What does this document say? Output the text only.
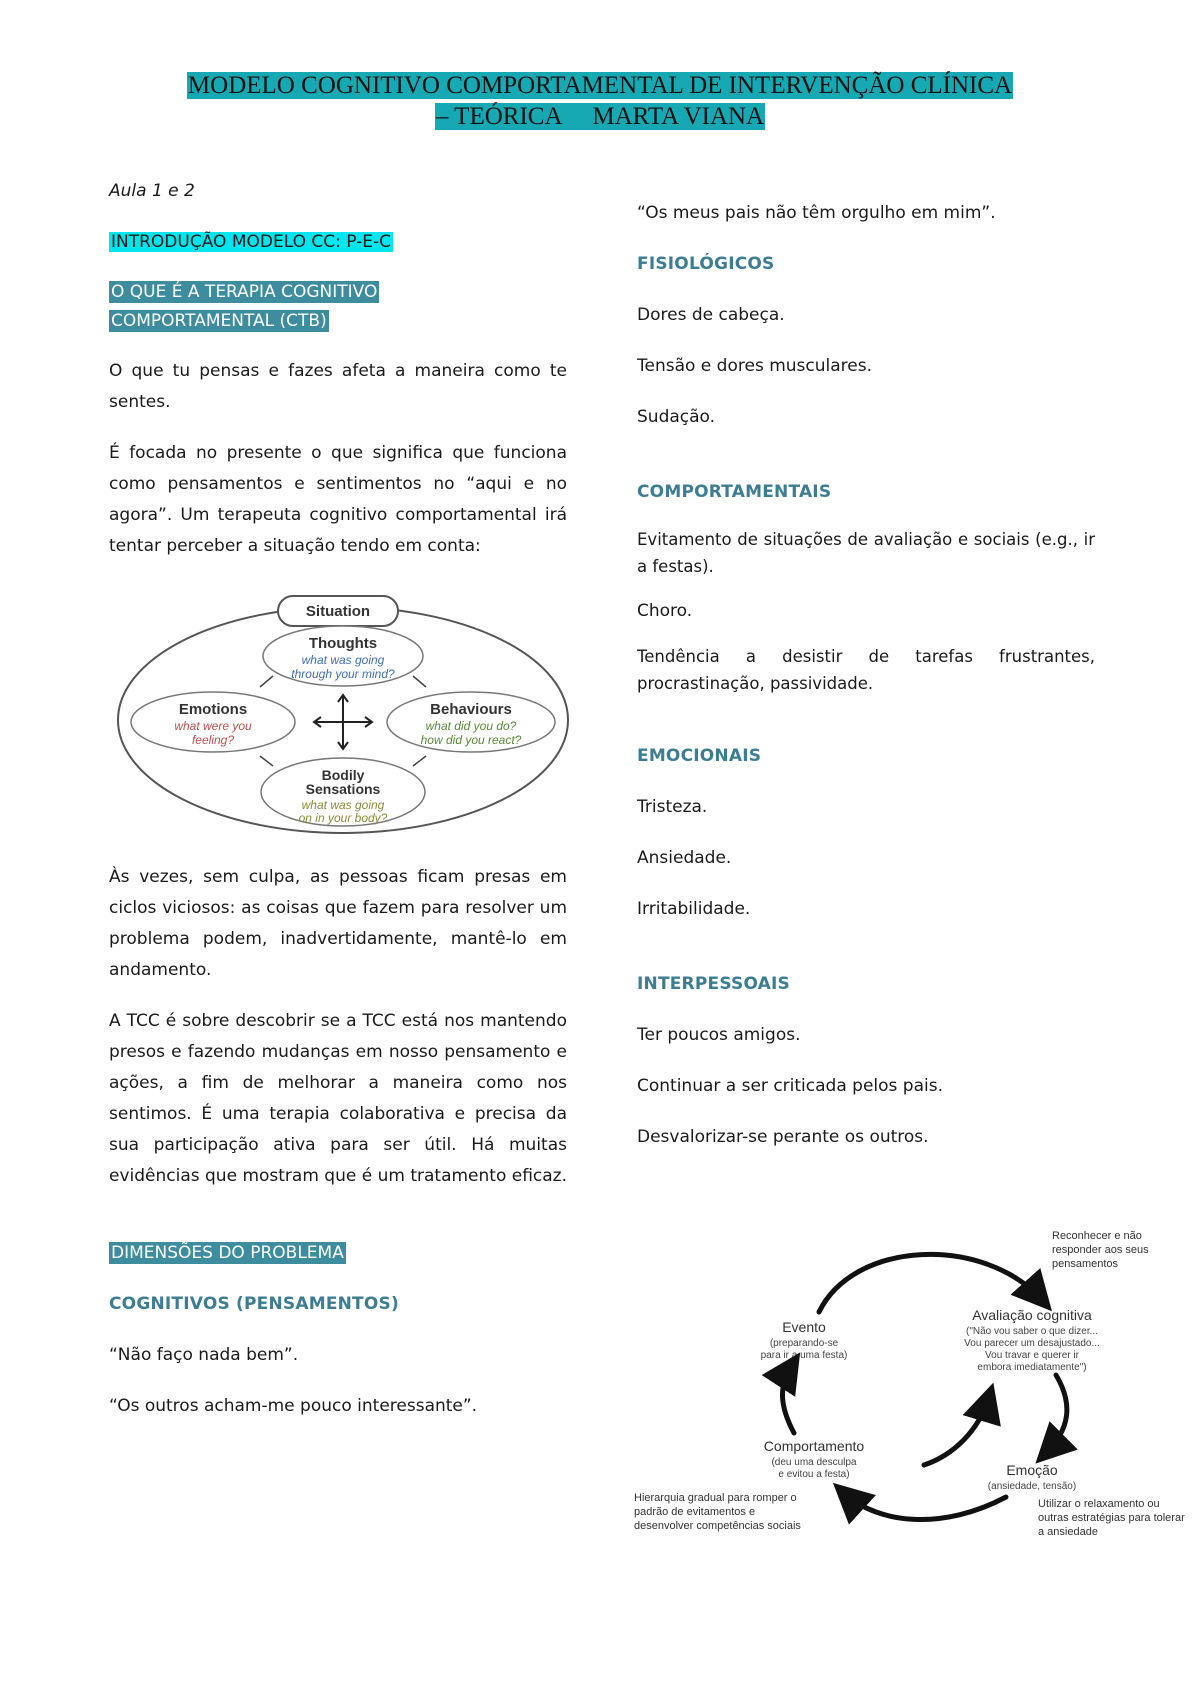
MODELO COGNITIVO COMPORTAMENTAL DE INTERVENÇÃO CLÍNICA
– TEÓRICA     MARTA VIANA

Aula 1 e 2

INTRODUÇÃO MODELO CC: P-E-C

O QUE É A TERAPIA COGNITIVO
COMPORTAMENTAL (CTB)

O que tu pensas e fazes afeta a maneira como te sentes.

É focada no presente o que significa que funciona como pensamentos e sentimentos no “aqui e no agora”. Um terapeuta cognitivo comportamental irá tentar perceber a situação tendo em conta:

Situation
Thoughts
what was going
through your mind?
Emotions
what were you
feeling?
Behaviours
what did you do?
how did you react?
Bodily
Sensations
what was going
on in your body?

Às vezes, sem culpa, as pessoas ficam presas em ciclos viciosos: as coisas que fazem para resolver um problema podem, inadvertidamente, mantê-lo em andamento.

A TCC é sobre descobrir se a TCC está nos mantendo presos e fazendo mudanças em nosso pensamento e ações, a fim de melhorar a maneira como nos sentimos. É uma terapia colaborativa e precisa da sua participação ativa para ser útil. Há muitas evidências que mostram que é um tratamento eficaz.

DIMENSÕES DO PROBLEMA

COGNITIVOS (PENSAMENTOS)

“Não faço nada bem”.

“Os outros acham-me pouco interessante”.

“Os meus pais não têm orgulho em mim”.

FISIOLÓGICOS

Dores de cabeça.

Tensão e dores musculares.

Sudação.

COMPORTAMENTAIS

Evitamento de situações de avaliação e sociais (e.g., ir a festas).

Choro.

Tendência a desistir de tarefas frustrantes, procrastinação, passividade.

EMOCIONAIS

Tristeza.

Ansiedade.

Irritabilidade.

INTERPESSOAIS

Ter poucos amigos.

Continuar a ser criticada pelos pais.

Desvalorizar-se perante os outros.

Reconhecer e não
responder aos seus
pensamentos
Evento
(preparando-se
para ir a uma festa)
Avaliação cognitiva
("Não vou saber o que dizer...
Vou parecer um desajustado...
Vou travar e querer ir
embora imediatamente")
Comportamento
(deu uma desculpa
e evitou a festa)	Emoção
(ansiedade, tensão)
Hierarquia gradual para romper o
padrão de evitamentos e
desenvolver competências sociais
Utilizar o relaxamento ou
outras estratégias para tolerar
a ansiedade
